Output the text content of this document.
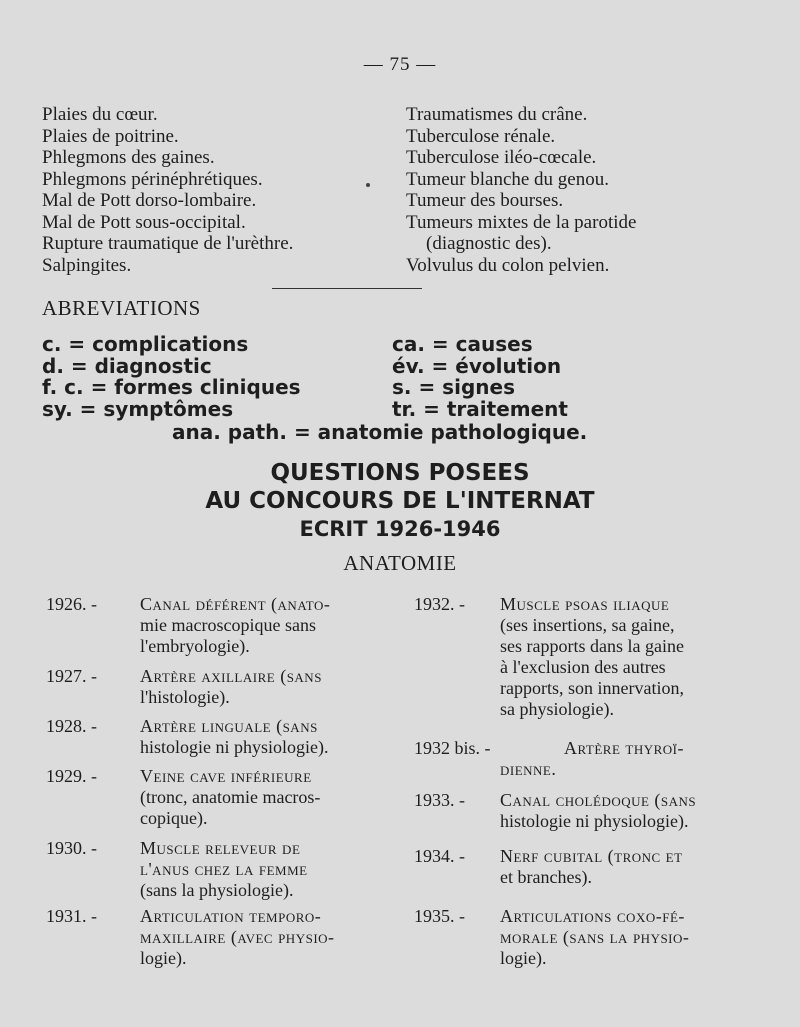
— 75 —
Plaies du cœur.
Plaies de poitrine.
Phlegmons des gaines.
Phlegmons périnéphrétiques.
Mal de Pott dorso-lombaire.
Mal de Pott sous-occipital.
Rupture traumatique de l'urèthre.
Salpingites.
Traumatismes du crâne.
Tuberculose rénale.
Tuberculose iléo-cœcale.
Tumeur blanche du genou.
Tumeur des bourses.
Tumeurs mixtes de la parotide
(diagnostic des).
Volvulus du colon pelvien.
ABREVIATIONS
c. = complications
d. = diagnostic
f. c. = formes cliniques
sy. = symptômes
ca. = causes
év. = évolution
s. = signes
tr. = traitement
ana. path. = anatomie pathologique.
QUESTIONS POSEES
AU CONCOURS DE L'INTERNAT
ECRIT 1926-1946
ANATOMIE
1926. - Canal déférent (anato-
mie macroscopique sans
l'embryologie).
1927. - Artère axillaire (sans
l'histologie).
1928. - Artère linguale (sans
histologie ni physiologie).
1929. - Veine cave inférieure
(tronc, anatomie macros-
copique).
1930. - Muscle releveur de
l'anus chez la femme
(sans la physiologie).
1931. - Articulation temporo-
maxillaire (avec physio-
logie).
1932. - Muscle psoas iliaque
(ses insertions, sa gaine,
ses rapports dans la gaine
à l'exclusion des autres
rapports, son innervation,
sa physiologie).
1932 bis. -	Artère thyroï-
dienne.
1933. - Canal cholédoque (sans
histologie ni physiologie).
1934. - Nerf cubital (tronc et
et branches).
1935. - Articulations coxo-fé-
morale (sans la physio-
logie).
